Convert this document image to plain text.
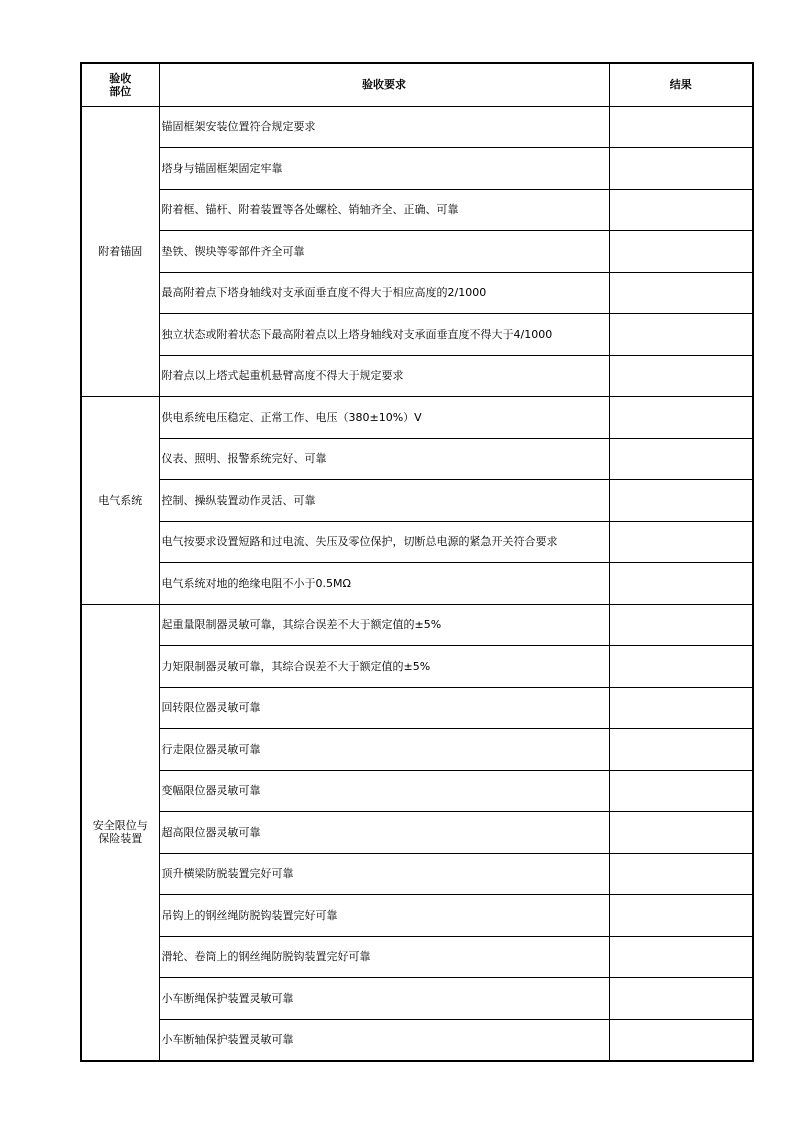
验收
部位	验收要求	结果

附着锚固	锚固框架安装位置符合规定要求	
	塔身与锚固框架固定牢靠	
	附着框、锚杆、附着装置等各处螺栓、销轴齐全、正确、可靠	
	垫铁、锲块等零部件齐全可靠	
	最高附着点下塔身轴线对支承面垂直度不得大于相应高度的2/1000	
	独立状态或附着状态下最高附着点以上塔身轴线对支承面垂直度不得大于4/1000	
	附着点以上塔式起重机悬臂高度不得大于规定要求	

电气系统	供电系统电压稳定、正常工作、电压（380±10%）V	
	仪表、照明、报警系统完好、可靠	
	控制、操纵装置动作灵活、可靠	
	电气按要求设置短路和过电流、失压及零位保护，切断总电源的紧急开关符合要求	
	电气系统对地的绝缘电阻不小于0.5MΩ	

安全限位与
保险装置	起重量限制器灵敏可靠，其综合误差不大于额定值的±5%	
	力矩限制器灵敏可靠，其综合误差不大于额定值的±5%	
	回转限位器灵敏可靠	
	行走限位器灵敏可靠	
	变幅限位器灵敏可靠	
	超高限位器灵敏可靠	
	顶升横梁防脱装置完好可靠	
	吊钩上的钢丝绳防脱钩装置完好可靠	
	滑轮、卷筒上的钢丝绳防脱钩装置完好可靠	
	小车断绳保护装置灵敏可靠	
	小车断轴保护装置灵敏可靠	
